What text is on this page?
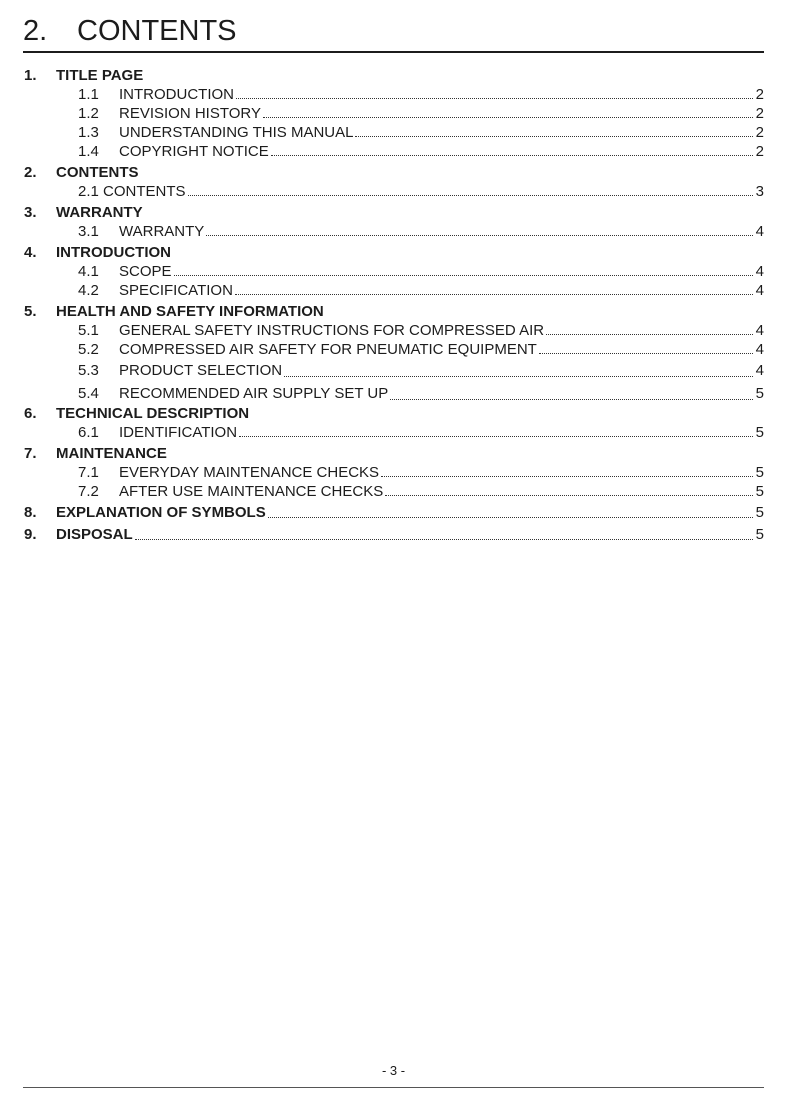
2. CONTENTS
1. TITLE PAGE
1.1	INTRODUCTION	2
1.2	REVISION HISTORY	2
1.3	UNDERSTANDING THIS MANUAL	2
1.4	COPYRIGHT NOTICE	2
2. CONTENTS
2.1 CONTENTS	3
3. WARRANTY
3.1	WARRANTY	4
4. INTRODUCTION
4.1	SCOPE	4
4.2	SPECIFICATION	4
5. HEALTH AND SAFETY INFORMATION
5.1	GENERAL SAFETY INSTRUCTIONS FOR COMPRESSED AIR	4
5.2	COMPRESSED AIR SAFETY FOR PNEUMATIC EQUIPMENT	4
5.3	PRODUCT SELECTION	4
5.4	RECOMMENDED AIR SUPPLY SET UP	5
6. TECHNICAL DESCRIPTION
6.1	IDENTIFICATION	5
7. MAINTENANCE
7.1	EVERYDAY MAINTENANCE CHECKS	5
7.2	AFTER USE MAINTENANCE CHECKS	5
8.	EXPLANATION OF SYMBOLS	5
9.	DISPOSAL	5
- 3 -
